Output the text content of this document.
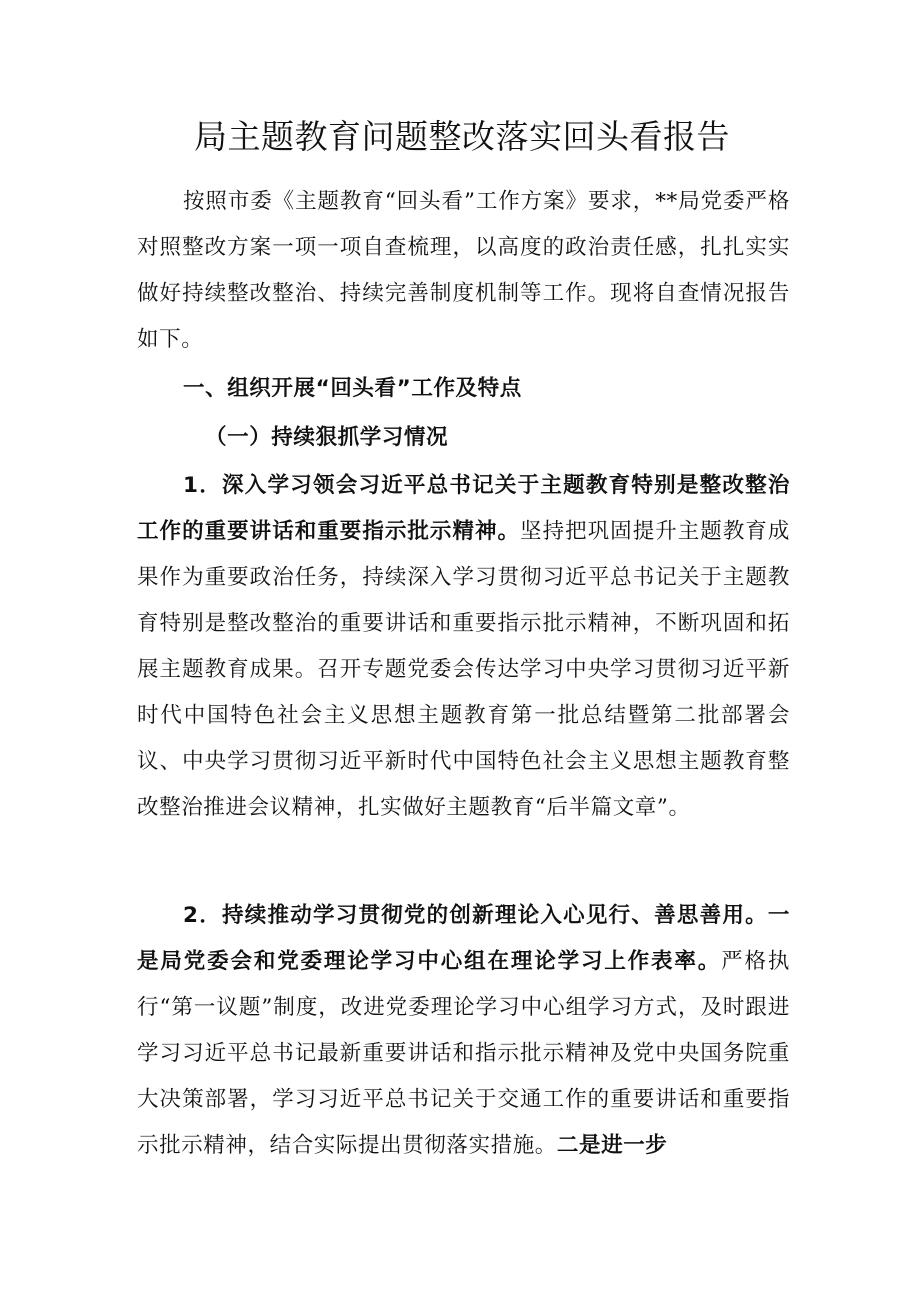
局主题教育问题整改落实回头看报告

按照市委《主题教育“回头看”工作方案》要求，**局党委严格对照整改方案一项一项自查梳理，以高度的政治责任感，扎扎实实做好持续整改整治、持续完善制度机制等工作。现将自查情况报告如下。

一、组织开展“回头看”工作及特点
（一）持续狠抓学习情况

1．深入学习领会习近平总书记关于主题教育特别是整改整治工作的重要讲话和重要指示批示精神。坚持把巩固提升主题教育成果作为重要政治任务，持续深入学习贯彻习近平总书记关于主题教育特别是整改整治的重要讲话和重要指示批示精神，不断巩固和拓展主题教育成果。召开专题党委会传达学习中央学习贯彻习近平新时代中国特色社会主义思想主题教育第一批总结暨第二批部署会议、中央学习贯彻习近平新时代中国特色社会主义思想主题教育整改整治推进会议精神，扎实做好主题教育“后半篇文章”。

2．持续推动学习贯彻党的创新理论入心见行、善思善用。一是局党委会和党委理论学习中心组在理论学习上作表率。严格执行“第一议题”制度，改进党委理论学习中心组学习方式，及时跟进学习习近平总书记最新重要讲话和指示批示精神及党中央国务院重大决策部署，学习习近平总书记关于交通工作的重要讲话和重要指示批示精神，结合实际提出贯彻落实措施。二是进一步
